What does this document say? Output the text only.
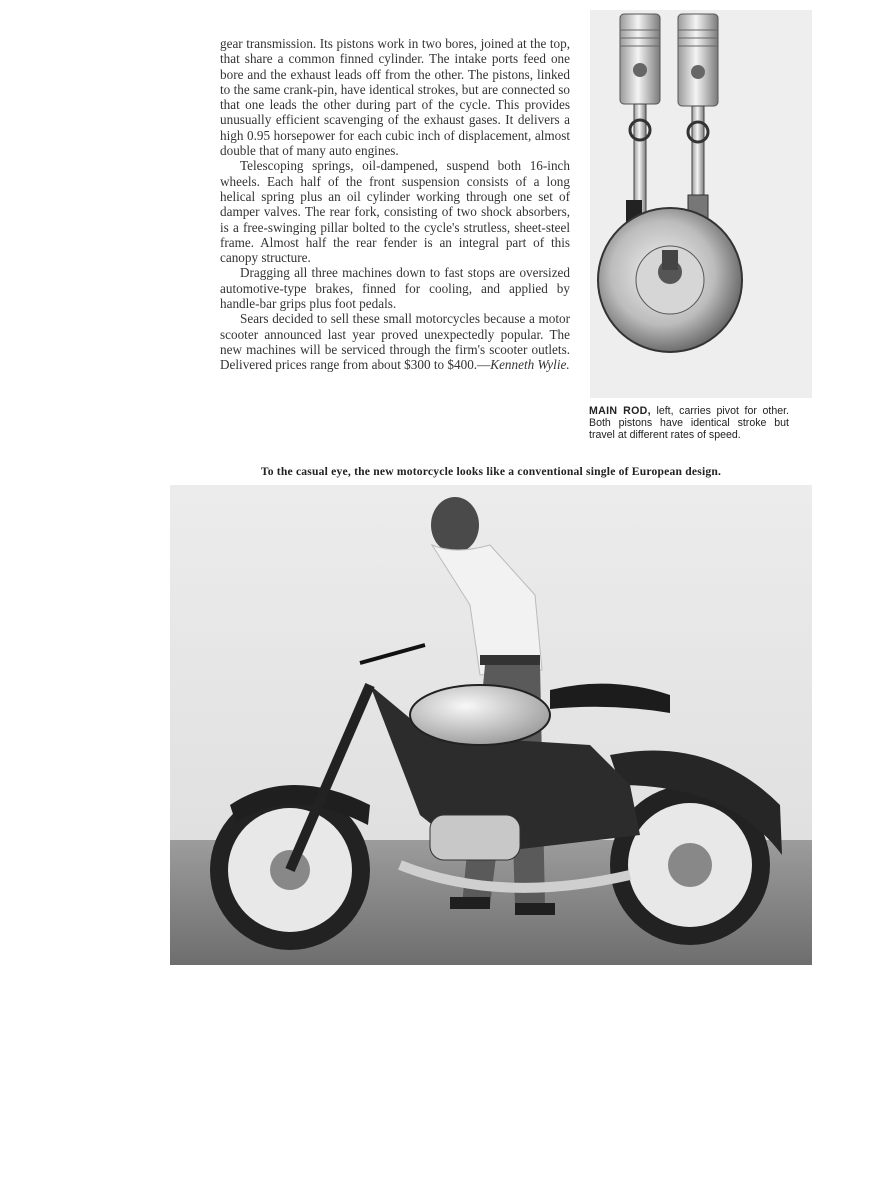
gear transmission. Its pistons work in two bores, joined at the top, that share a common finned cylinder. The intake ports feed one bore and the exhaust leads off from the other. The pistons, linked to the same crank-pin, have identical strokes, but are connected so that one leads the other during part of the cycle. This provides unusually efficient scavenging of the exhaust gases. It delivers a high 0.95 horsepower for each cubic inch of displacement, almost double that of many auto engines.

Telescoping springs, oil-dampened, suspend both 16-inch wheels. Each half of the front suspension consists of a long helical spring plus an oil cylinder working through one set of damper valves. The rear fork, consisting of two shock absorbers, is a free-swinging pillar bolted to the cycle's strutless, sheet-steel frame. Almost half the rear fender is an integral part of this canopy structure.

Dragging all three machines down to fast stops are oversized automotive-type brakes, finned for cooling, and applied by handle-bar grips plus foot pedals.

Sears decided to sell these small motorcycles because a motor scooter announced last year proved unexpectedly popular. The new machines will be serviced through the firm's scooter outlets. Delivered prices range from about $300 to $400.—Kenneth Wylie.

MAIN ROD, left, carries pivot for other. Both pistons have identical stroke but travel at different rates of speed.
To the casual eye, the new motorcycle looks like a conventional single of European design.
